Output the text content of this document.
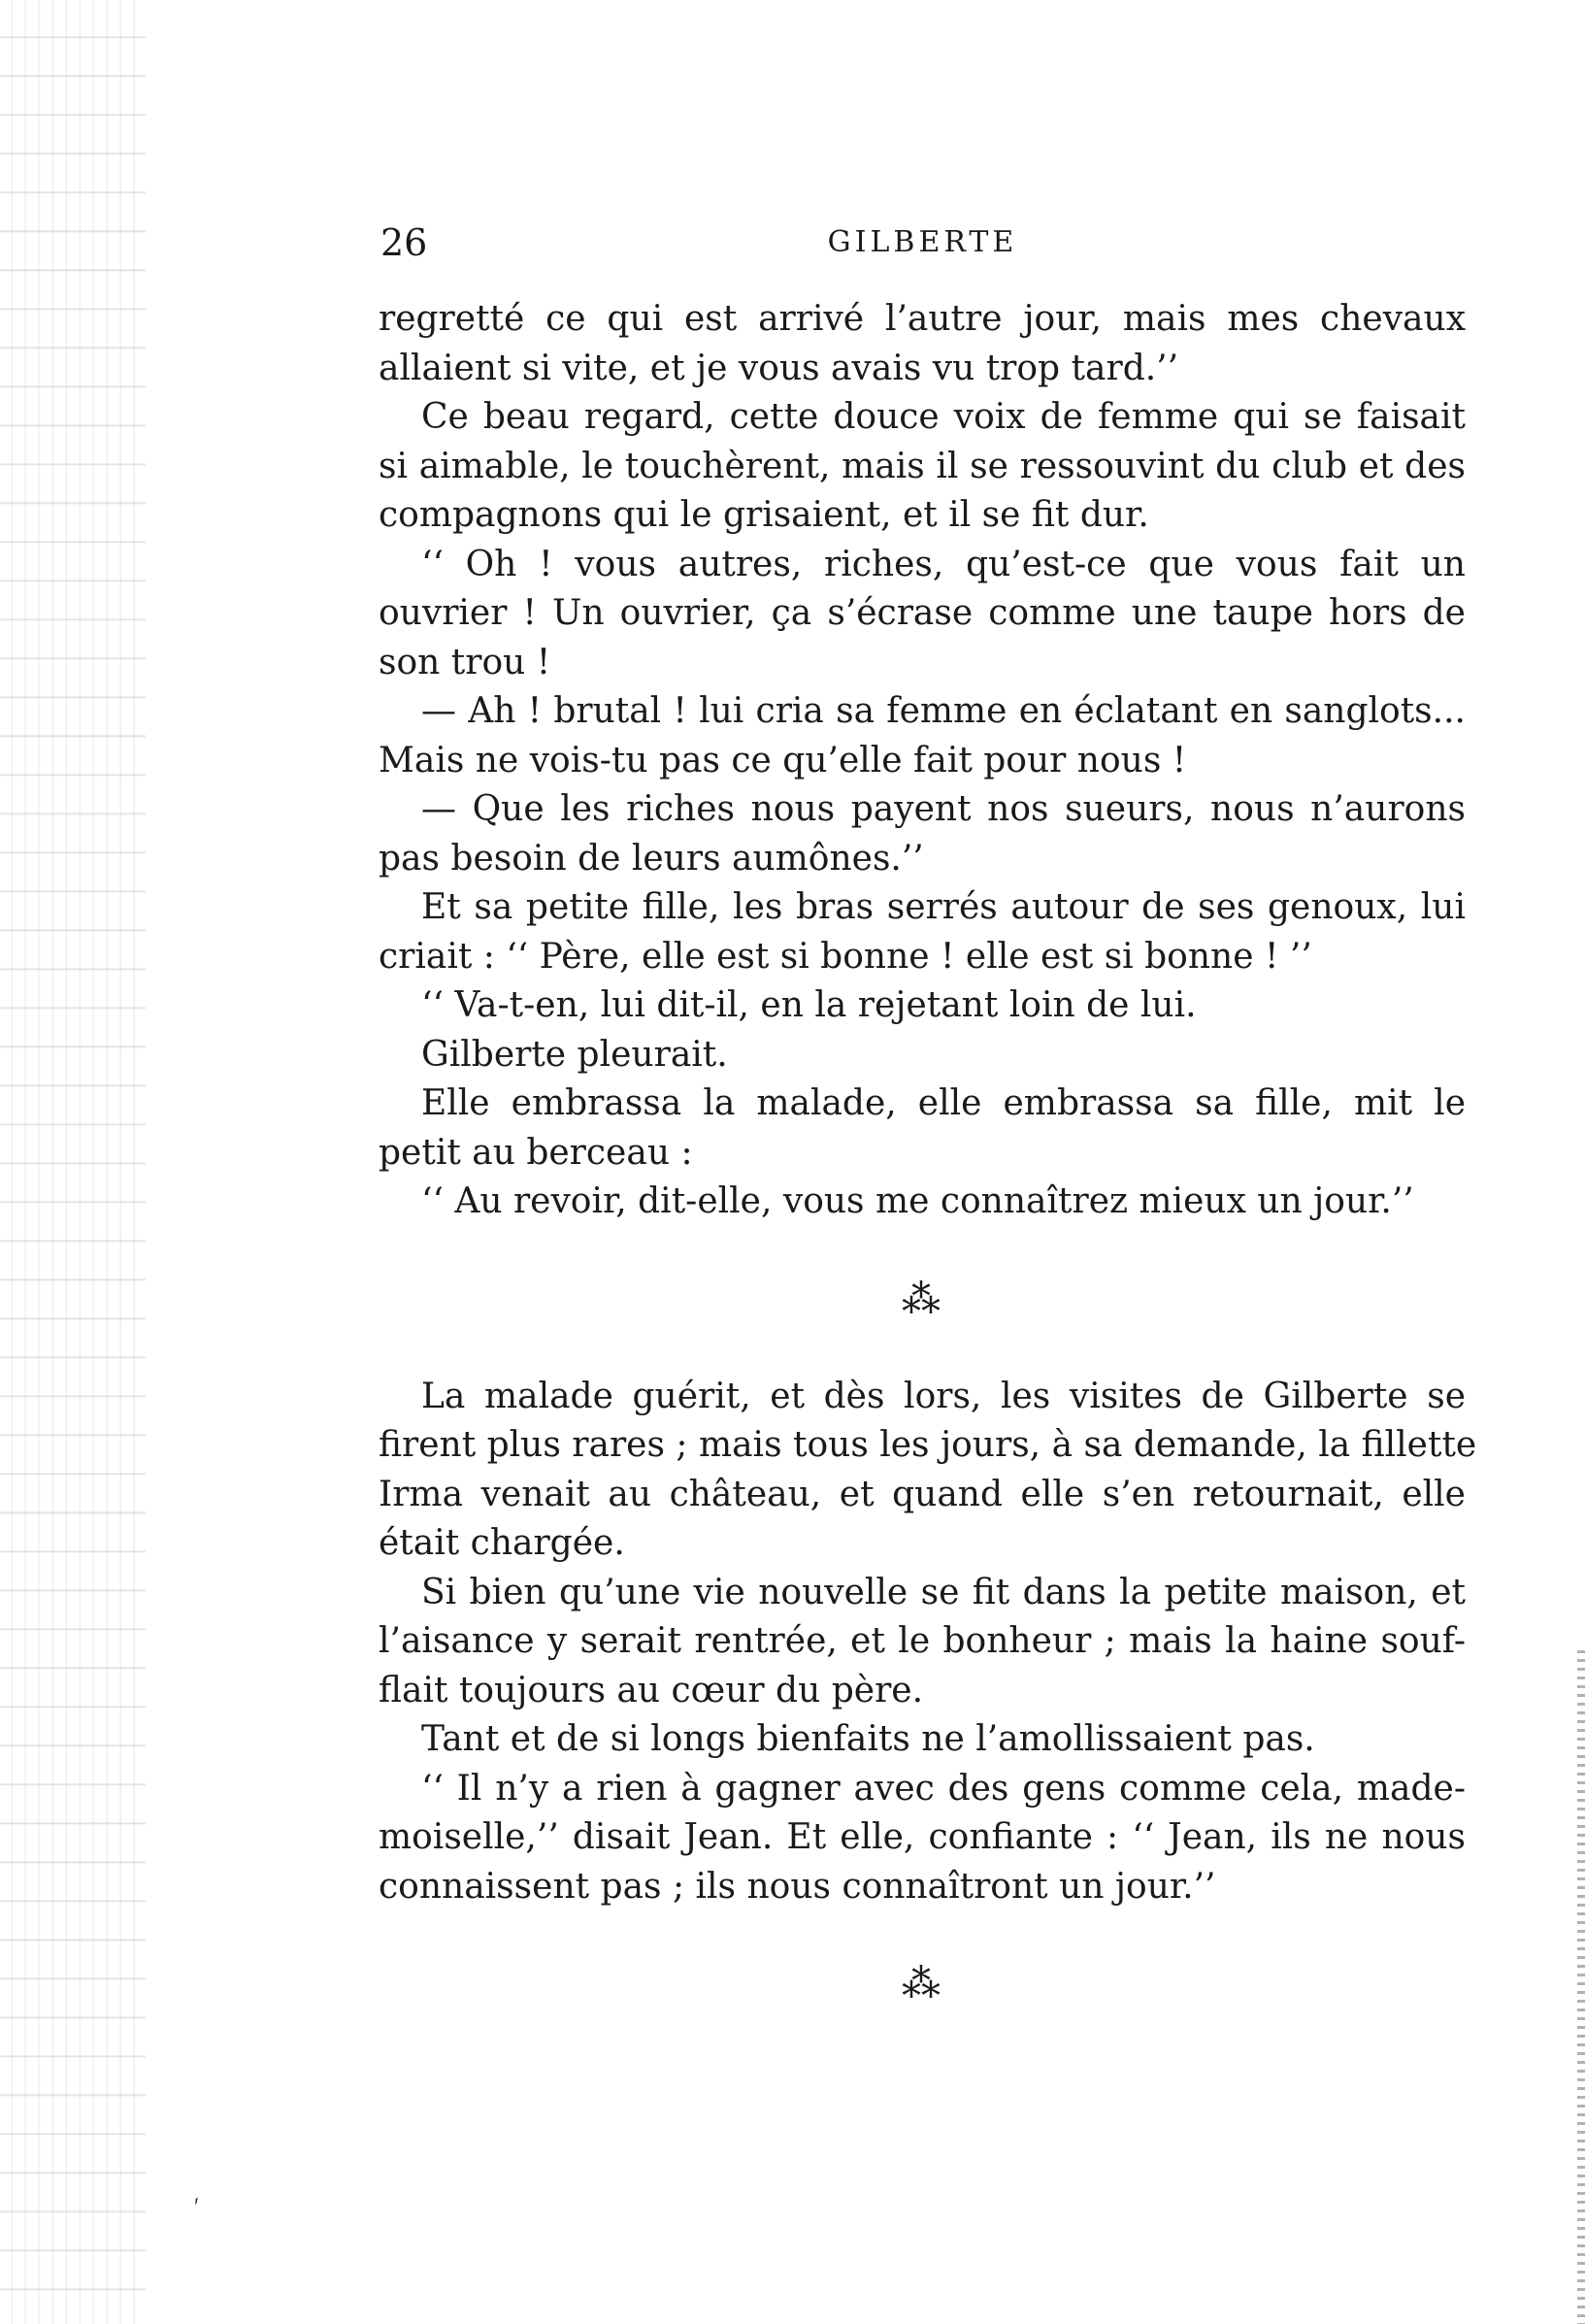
26	GILBERTE
regretté ce qui est arrivé l’autre jour, mais mes chevaux
allaient si vite, et je vous avais vu trop tard.’’
Ce beau regard, cette douce voix de femme qui se faisait
si aimable, le touchèrent, mais il se ressouvint du club et des
compagnons qui le grisaient, et il se fit dur.
‘‘ Oh ! vous autres, riches, qu’est-ce que vous fait un
ouvrier ! Un ouvrier, ça s’écrase comme une taupe hors de
son trou !
— Ah ! brutal ! lui cria sa femme en éclatant en sanglots...
Mais ne vois-tu pas ce qu’elle fait pour nous !
— Que les riches nous payent nos sueurs, nous n’aurons
pas besoin de leurs aumônes.’’
Et sa petite fille, les bras serrés autour de ses genoux, lui
criait : ‘‘ Père, elle est si bonne ! elle est si bonne ! ’’
‘‘ Va-t-en, lui dit-il, en la rejetant loin de lui.
Gilberte pleurait.
Elle embrassa la malade, elle embrassa sa fille, mit le
petit au berceau :
‘‘ Au revoir, dit-elle, vous me connaîtrez mieux un jour.’’
⁂
La malade guérit, et dès lors, les visites de Gilberte se
firent plus rares ; mais tous les jours, à sa demande, la fillette
Irma venait au château, et quand elle s’en retournait, elle
était chargée.
Si bien qu’une vie nouvelle se fit dans la petite maison, et
l’aisance y serait rentrée, et le bonheur ; mais la haine souf-
flait toujours au cœur du père.
Tant et de si longs bienfaits ne l’amollissaient pas.
‘‘ Il n’y a rien à gagner avec des gens comme cela, made-
moiselle,’’ disait Jean. Et elle, confiante : ‘‘ Jean, ils ne nous
connaissent pas ; ils nous connaîtront un jour.’’
⁂
ˊ
